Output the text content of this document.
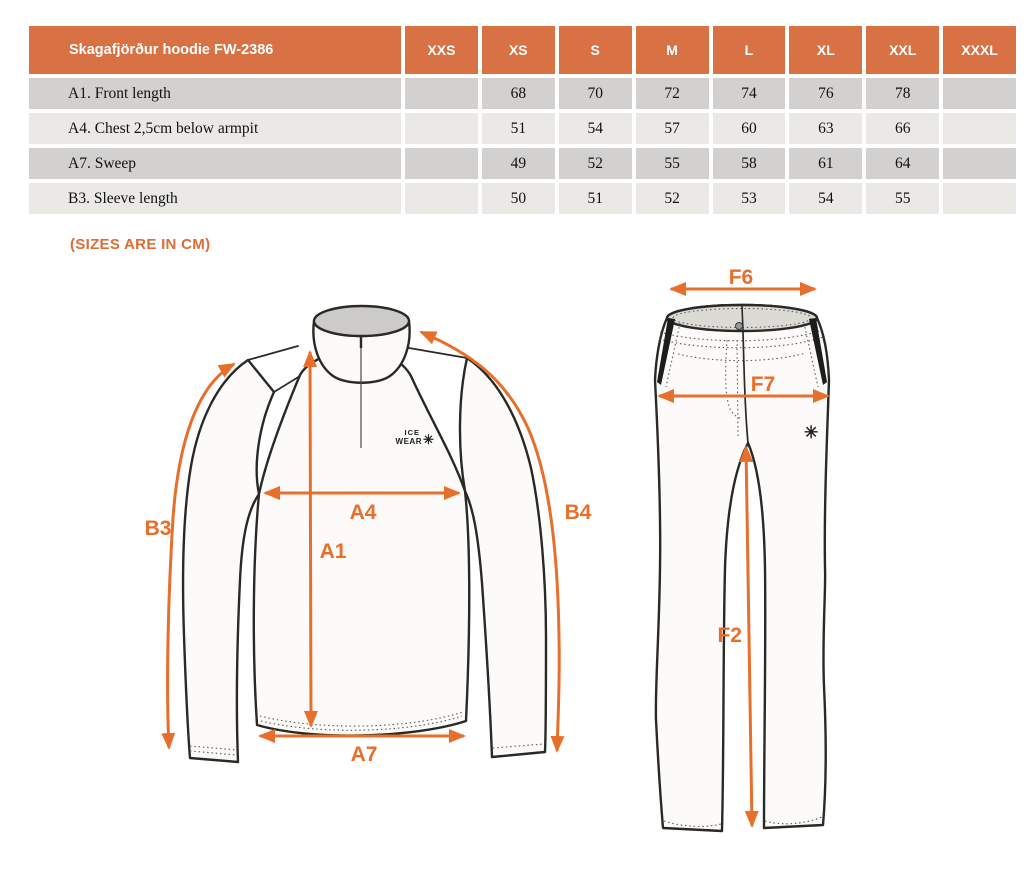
Skagafjörður hoodie FW-2386	XXS	XS	S	M	L	XL	XXL	XXXL
A1. Front length		68	70	72	74	76	78	
A4. Chest 2,5cm below armpit		51	54	57	60	63	66	
A7. Sweep		49	52	55	58	61	64	
B3. Sleeve length		50	51	52	53	54	55	
(SIZES ARE IN CM)
ICE
WEAR ✳
B3
A1
A4
A7
B4
✳
F6
F7
F2
